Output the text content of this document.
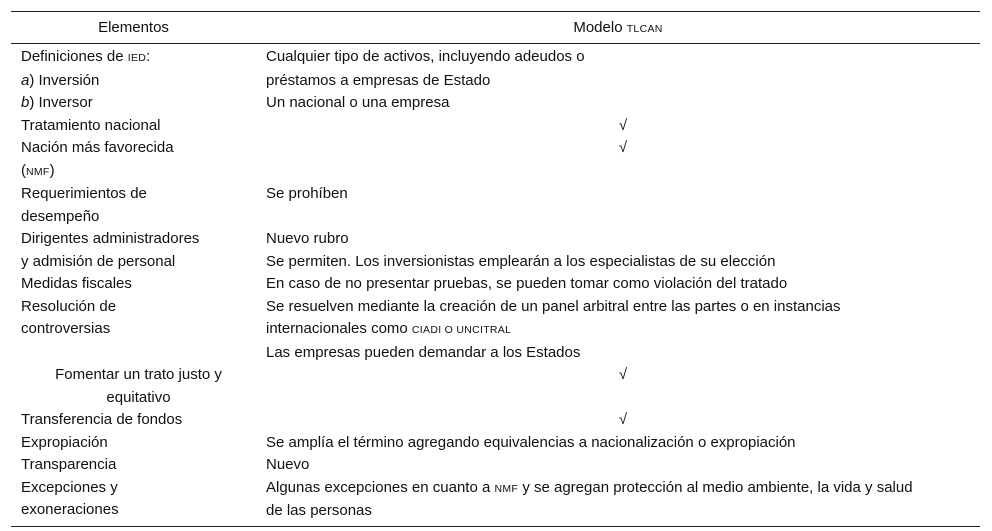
Elementos	Modelo TLCAN
Definiciones de IED:	Cualquier tipo de activos, incluyendo adeudos o
a) Inversión	préstamos a empresas de Estado
b) Inversor	Un nacional o una empresa
Tratamiento nacional	√
Nación más favorecida
(NMF)	√
Requerimientos de
desempeño	Se prohíben
Dirigentes administradores	Nuevo rubro
y admisión de personal	Se permiten. Los inversionistas emplearán a los especialistas de su elección
Medidas fiscales	En caso de no presentar pruebas, se pueden tomar como violación del tratado
Resolución de
controversias	Se resuelven mediante la creación de un panel arbitral entre las partes o en instancias
internacionales como CIADI O UNCITRAL
	Las empresas pueden demandar a los Estados
Fomentar un trato justo y
equitativo	√
Transferencia de fondos	√
Expropiación	Se amplía el término agregando equivalencias a nacionalización o expropiación
Transparencia	Nuevo
Excepciones y
exoneraciones	Algunas excepciones en cuanto a NMF y se agregan protección al medio ambiente, la vida y salud
de las personas
